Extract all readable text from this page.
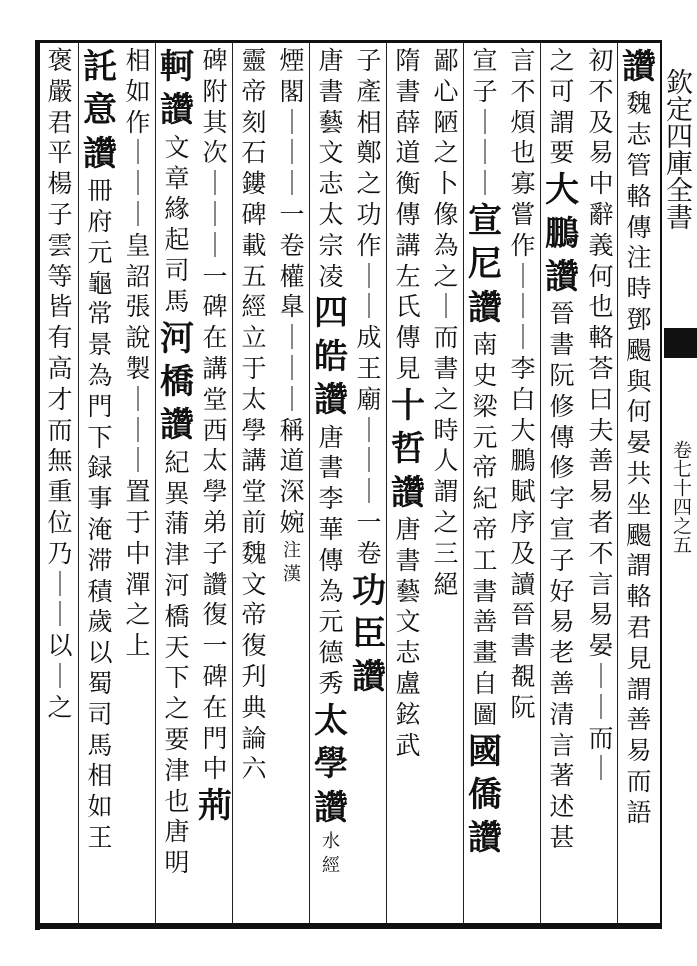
讚
魏
志
管
輅
傳
注
時
鄧
颺
與
何
晏
共
坐
颺
謂
輅
君
見
謂
善
易
而
語
初
不
及
易
中
辭
義
何
也
輅
荅
曰
夫
善
易
者
不
言
易
晏
｜
｜
而
｜
之
可
謂
要
大
鵬
讚
晉
書
阮
修
傳
修
字
宣
子
好
易
老
善
清
言
著
述
甚
言
不
煩
也
寡
嘗
作
｜
｜
｜
李
白
大
鵬
賦
序
及
讀
晉
書
覩
阮
宣
子
｜
｜
｜
宣
尼
讚
南
史
梁
元
帝
紀
帝
工
書
善
畫
自
圖
國
僑
讚
鄙
心
陋
之
卜
像
為
之
｜
而
書
之
時
人
謂
之
三
絕
隋
書
薛
道
衡
傳
講
左
氏
傳
見
十
哲
讚
唐
書
藝
文
志
盧
鉉
武
子
產
相
鄭
之
功
作
｜
｜
成
王
廟
｜
｜
｜
一
卷
功
臣
讚
唐
書
藝
文
志
太
宗
凌
四
皓
讚
唐
書
李
華
傳
為
元
德
秀
太
學
讚
水
經
煙
閣
｜
｜
｜
一
卷
權
臯
｜
｜
｜
稱
道
深
婉
注
漢
靈
帝
刻
石
鏤
碑
載
五
經
立
于
太
學
講
堂
前
魏
文
帝
復
刋
典
論
六
碑
附
其
次
｜
｜
｜
一
碑
在
講
堂
西
太
學
弟
子
讚
復
一
碑
在
門
中
荊
軻
讚
文
章
緣
起
司
馬
河
橋
讚
紀
異
蒲
津
河
橋
天
下
之
要
津
也
唐
明
相
如
作
｜
｜
｜
皇
詔
張
說
製
｜
｜
｜
置
于
中
潬
之
上
託
意
讚
冊
府
元
龜
常
景
為
門
下
録
事
淹
滞
積
歲
以
蜀
司
馬
相
如
王
褒
嚴
君
平
楊
子
雲
等
皆
有
高
才
而
無
重
位
乃
｜
｜
以
｜
之
欽定四庫全書
卷七十四之五
